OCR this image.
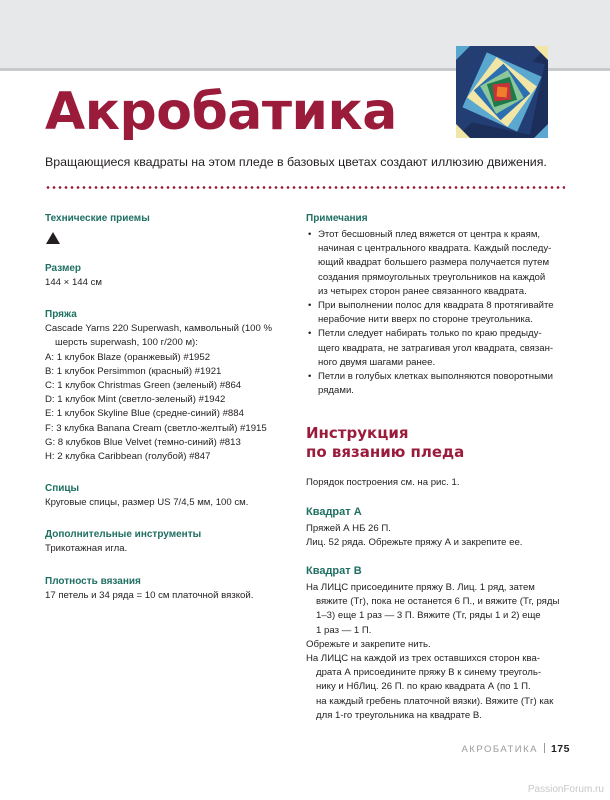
Акробатика

Вращающиеся квадраты на этом пледе в базовых цветах создают иллюзию движения.

Технические приемы

Размер

144 × 144 см

Пряжа

Cascade Yarns 220 Superwash, камвольный (100 %

шерсть superwash, 100 г/200 м):

A: 1 клубок Blaze (оранжевый) #1952

B: 1 клубок Persimmon (красный) #1921

C: 1 клубок Christmas Green (зеленый) #864

D: 1 клубок Mint (светло-зеленый) #1942

E: 1 клубок Skyline Blue (средне-синий) #884

F: 3 клубка Banana Cream (светло-желтый) #1915

G: 8 клубков Blue Velvet (темно-синий) #813

H: 2 клубка Caribbean (голубой) #847

Спицы

Круговые спицы, размер US 7/4,5 мм, 100 см.

Дополнительные инструменты

Трикотажная игла.

Плотность вязания

17 петель и 34 ряда = 10 см платочной вязкой.

Примечания

• Этот бесшовный плед вяжется от центра к краям,
начиная с центрального квадрата. Каждый последу-
ющий квадрат большего размера получается путем
создания прямоугольных треугольников на каждой
из четырех сторон ранее связанного квадрата.
• При выполнении полос для квадрата 8 протягивайте
нерабочие нити вверх по стороне треугольника.
• Петли следует набирать только по краю предыду-
щего квадрата, не затрагивая угол квадрата, связан-
ного двумя шагами ранее.
• Петли в голубых клетках выполняются поворотными
рядами.
Инструкция
по вязанию пледа

Порядок построения см. на рис. 1.

Квадрат А

Пряжей А НБ 26 П.

Лиц. 52 ряда. Обрежьте пряжу А и закрепите ее.

Квадрат В

На ЛИЦС присоедините пряжу В. Лиц. 1 ряд, затем

вяжите (Тг), пока не останется 6 П., и вяжите (Тг, ряды

1–3) еще 1 раз — 3 П. Вяжите (Тг, ряды 1 и 2) еще

1 раз — 1 П.

Обрежьте и закрепите нить.

На ЛИЦС на каждой из трех оставшихся сторон ква-

драта А присоедините пряжу В к синему треуголь-

нику и НбЛиц. 26 П. по краю квадрата А (по 1 П.

на каждый гребень платочной вязки). Вяжите (Тг) как

для 1-го треугольника на квадрате В.

АКРОБАТИКА 175
PassionForum.ru
